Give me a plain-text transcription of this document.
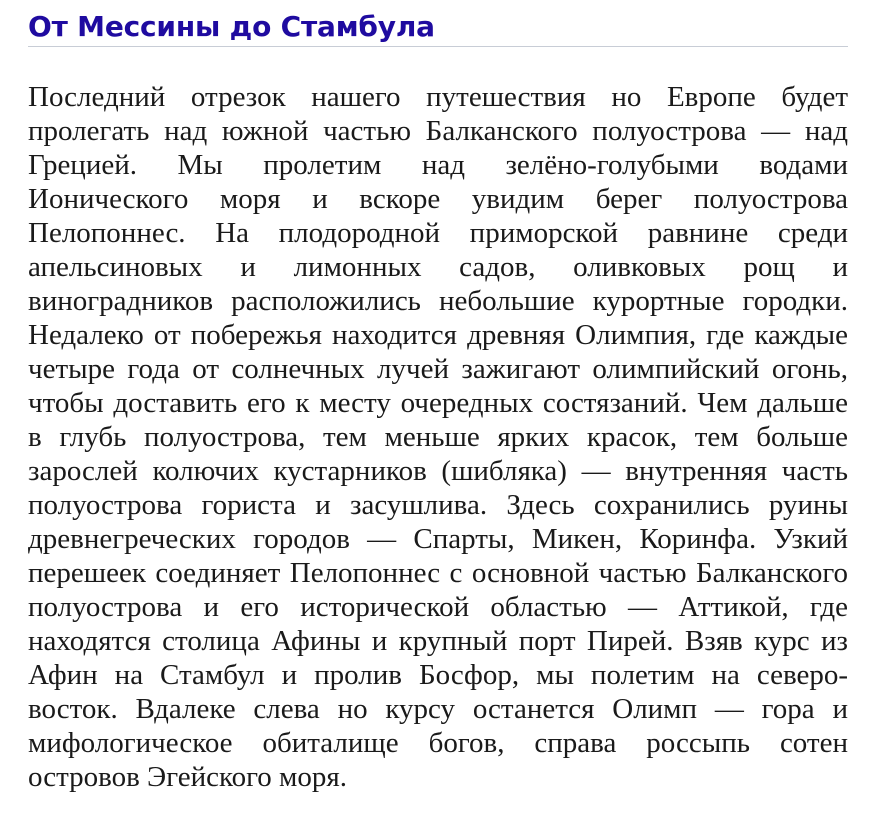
От Мессины до Стамбула

Последний отрезок нашего путешествия но Европе будет пролегать над южной частью Балканского полуострова — над Грецией. Мы пролетим над зелёно-голубыми водами Ионического моря и вскоре увидим берег полуострова Пелопоннес. На плодородной приморской равнине среди апельсиновых и лимонных садов, оливковых рощ и виноградников расположились небольшие курортные городки. Недалеко от побережья находится древняя Олимпия, где каждые четыре года от солнечных лучей зажигают олимпийский огонь, чтобы доставить его к месту очередных состязаний. Чем дальше в глубь полуострова, тем меньше ярких красок, тем больше зарослей колючих кустарников (шибляка) — внутренняя часть полуострова гориста и засушлива. Здесь сохранились руины древнегреческих городов — Спарты, Микен, Коринфа. Узкий перешеек соединяет Пелопоннес с основной частью Балканского полуострова и его исторической областью — Аттикой, где находятся столица Афины и крупный порт Пирей. Взяв курс из Афин на Стамбул и пролив Босфор, мы полетим на северо-восток. Вдалеке слева но курсу останется Олимп — гора и мифологическое обиталище богов, справа россыпь сотен островов Эгейского моря.
